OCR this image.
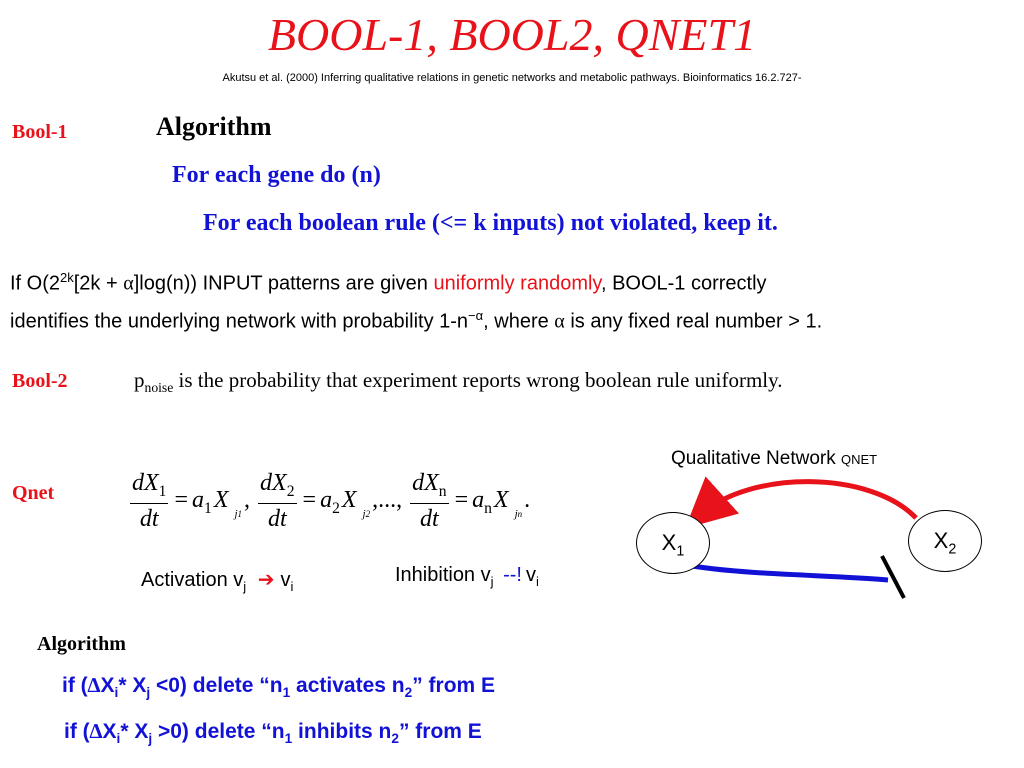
BOOL-1, BOOL2, QNET1
Akutsu et al. (2000) Inferring qualitative relations in genetic networks and metabolic pathways. Bioinformatics 16.2.727-
Bool-1	Algorithm
For each gene do (n)
For each boolean rule (<= k inputs) not violated, keep it.
If $O(2^{2k}[2k + \alpha]\log(n))$ INPUT patterns are given uniformly randomly, BOOL-1 correctly
identifies the underlying network with probability $1-n^{-\alpha}$, where α is any fixed real number > 1.
Bool-2	$p_{noise}$ is the probability that experiment reports wrong boolean rule uniformly.
Qnet	$\frac{dX_1}{dt} = a_1X_{j1}$, $\frac{dX_2}{dt} = a_2X_{j2}$,..., $\frac{dX_n}{dt} = a_nX_{jn}$.
Activation $v_j$ ➔ $v_i$
Inhibition $v_j$ --! $v_i$
Qualitative Network QNET
$X_1$	$X_2$
Algorithm
if ($\Delta X_i*$ $X_j <0$) delete “$n_1$ activates $n_2$” from E
if ($\Delta X_i*$ $X_j >0$) delete “$n_1$ inhibits $n_2$” from E
